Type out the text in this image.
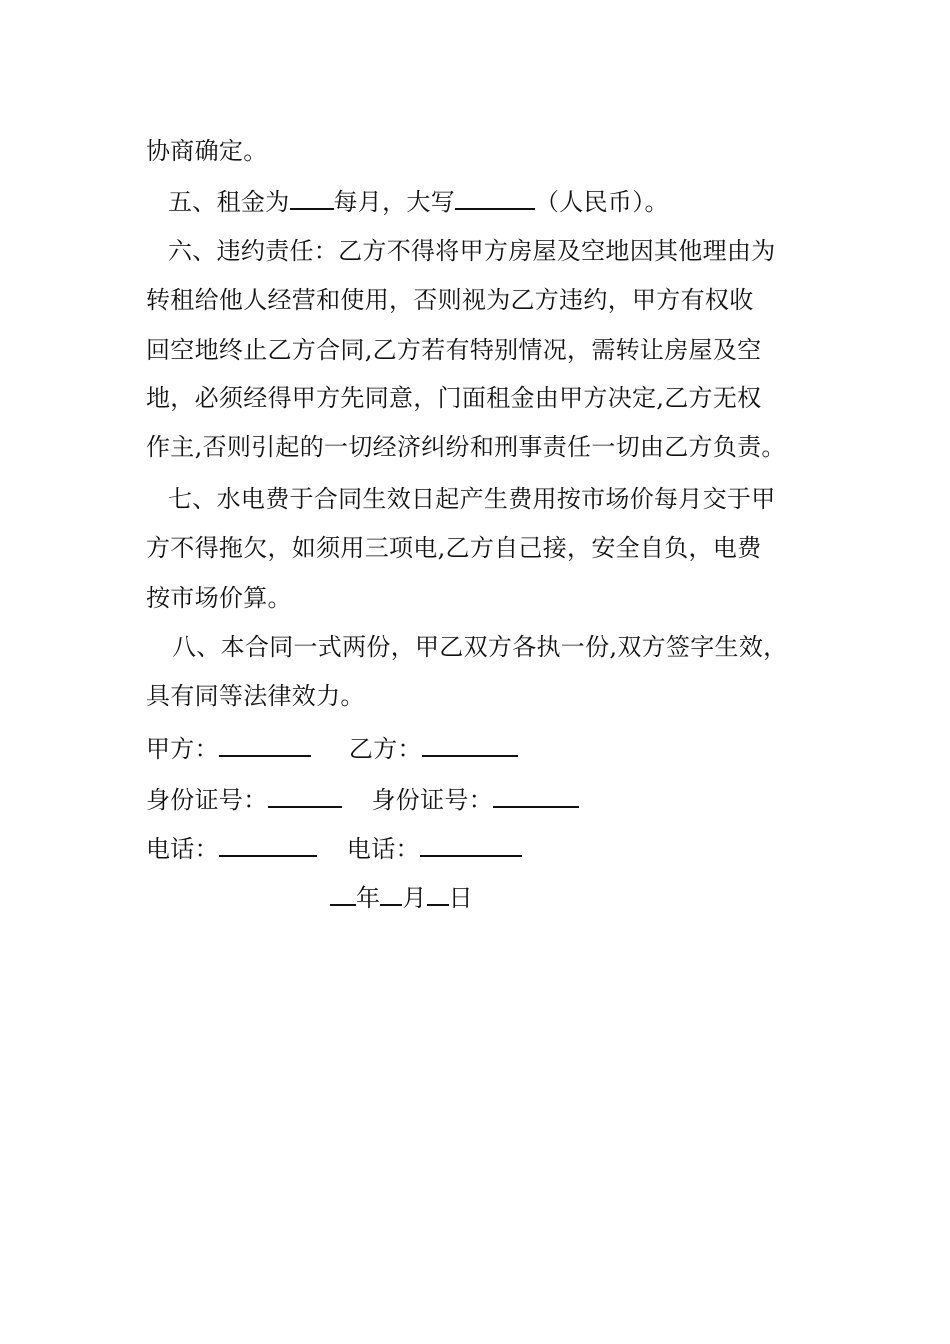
协商确定。
五、租金为 每月，大写	（人民币）。
六、违约责任：乙方不得将甲方房屋及空地因其他理由为
转租给他人经营和使用，否则视为乙方违约，甲方有权收
回空地终止乙方合同,乙方若有特别情况，需转让房屋及空
地，必须经得甲方先同意，门面租金由甲方决定,乙方无权
作主,否则引起的一切经济纠纷和刑事责任一切由乙方负责。
七、水电费于合同生效日起产生费用按市场价每月交于甲
方不得拖欠，如须用三项电,乙方自己接，安全自负，电费
按市场价算。
八、本合同一式两份，甲乙双方各执一份,双方签字生效，
具有同等法律效力。
甲方：	乙方：
身份证号：	身份证号：
电话：	电话：
年 月 日
